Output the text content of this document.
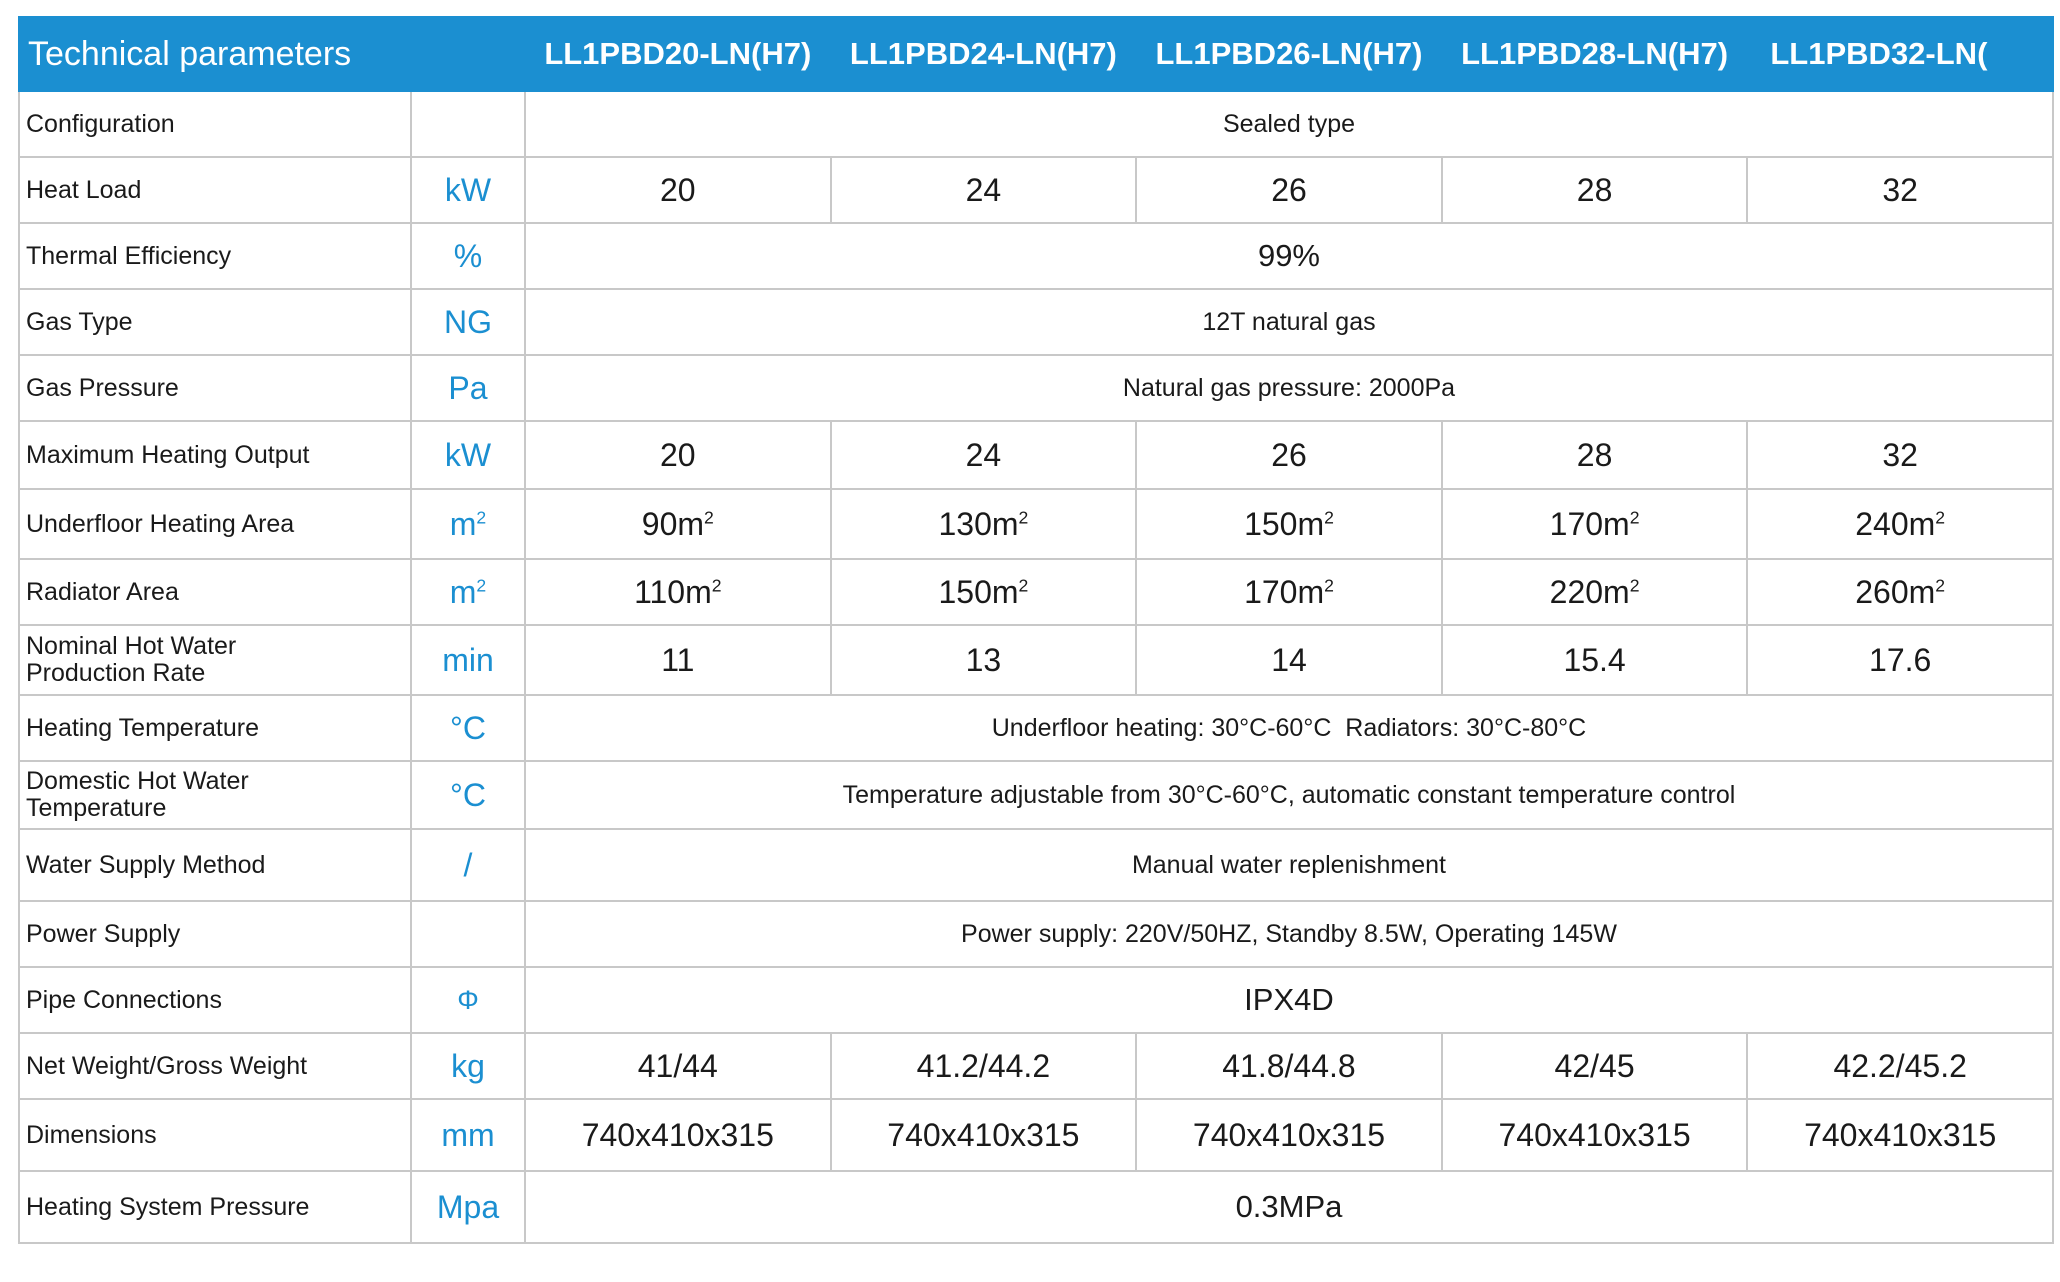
Technical parameters		LL1PBD20-LN(H7)	LL1PBD24-LN(H7)	LL1PBD26-LN(H7)	LL1PBD28-LN(H7)	LL1PBD32-LN(
Configuration		Sealed type				
Heat Load	kW	20	24	26	28	32
Thermal Efficiency	%	99%				
Gas Type	NG	12T natural gas				
Gas Pressure	Pa	Natural gas pressure: 2000Pa				
Maximum Heating Output	kW	20	24	26	28	32
Underfloor Heating Area	$m^2$	$90m^2$	$130m^2$	$150m^2$	$170m^2$	$240m^2$
Radiator Area	$m^2$	$110m^2$	$150m^2$	$170m^2$	$220m^2$	$260m^2$
Nominal Hot Water
Production Rate	min	11	13	14	15.4	17.6
Heating Temperature	°C	Underfloor heating: 30°C-60°C  Radiators: 30°C-80°C				
Domestic Hot Water
Temperature	°C	Temperature adjustable from 30°C-60°C, automatic constant temperature control				
Water Supply Method	/	Manual water replenishment				
Power Supply		Power supply: 220V/50HZ, Standby 8.5W, Operating 145W				
Pipe Connections	Φ	IPX4D				
Net Weight/Gross Weight	kg	41/44	41.2/44.2	41.8/44.8	42/45	42.2/45.2
Dimensions	mm	740x410x315	740x410x315	740x410x315	740x410x315	740x410x315
Heating System Pressure	Mpa	0.3MPa				
